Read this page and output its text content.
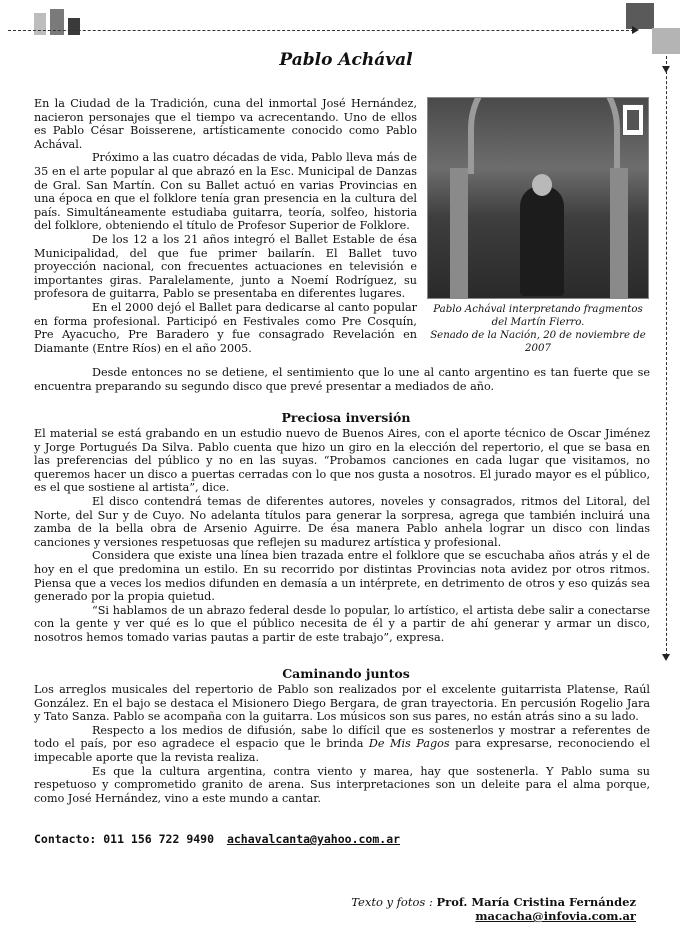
Pablo Achával

En la Ciudad de la Tradición, cuna del inmortal José Hernández, nacieron personajes que el tiempo va acrecentando. Uno de ellos es Pablo César Boisserene, artísticamente conocido como Pablo Achával.

Próximo a las cuatro décadas de vida, Pablo lleva más de 35 en el arte popular al que abrazó en la Esc. Municipal de Danzas de Gral. San Martín. Con su Ballet actuó en varias Provincias en una época en que el folklore tenía gran presencia en la cultura del país. Simultáneamente estudiaba guitarra, teoría, solfeo, historia del folklore, obteniendo el título de Profesor Superior de Folklore.

De los 12 a los 21 años integró el Ballet Estable de ésa Municipalidad, del que fue primer bailarín. El Ballet tuvo proyección nacional, con frecuentes actuaciones en televisión e importantes giras. Paralelamente, junto a Noemí Rodríguez, su profesora de guitarra, Pablo se presentaba en diferentes lugares.

En el 2000 dejó el Ballet para dedicarse al canto popular en forma profesional. Participó en Festivales como Pre Cosquín, Pre Ayacucho, Pre Baradero y fue consagrado Revelación en Diamante (Entre Ríos) en el año 2005.

Pablo Achával interpretando fragmentos del Martín Fierro.
Senado de la Nación, 20 de noviembre de 2007

Desde entonces no se detiene, el sentimiento que lo une al canto argentino es tan fuerte que se encuentra preparando su segundo disco que prevé presentar a mediados de año.

Preciosa inversión

El material se está grabando en un estudio nuevo de Buenos Aires, con el aporte técnico de Oscar Jiménez y Jorge Portugués Da Silva. Pablo cuenta que hizo un giro en la elección del repertorio, el que se basa en las preferencias del público y no en las suyas. “Probamos canciones en cada lugar que visitamos, no queremos hacer un disco a puertas cerradas con lo que nos gusta a nosotros. El jurado mayor es el público, es el que sostiene al artista”, dice.

El disco contendrá temas de diferentes autores, noveles y consagrados, ritmos del Litoral, del Norte, del Sur y de Cuyo. No adelanta títulos para generar la sorpresa, agrega que también incluirá una zamba de la bella obra de Arsenio Aguirre. De ésa manera Pablo anhela lograr un disco con lindas canciones y versiones respetuosas que reflejen su madurez artística y profesional.

Considera que existe una línea bien trazada entre el folklore que se escuchaba años atrás y el de hoy en el que predomina un estilo. En su recorrido por distintas Provincias nota avidez por otros ritmos. Piensa que a veces los medios difunden en demasía a un intérprete, en detrimento de otros y eso quizás sea generado por la propia quietud.

“Si hablamos de un abrazo federal desde lo popular, lo artístico, el artista debe salir a conectarse con la gente y ver qué es lo que el público necesita de él y a partir de ahí generar y armar un disco, nosotros hemos tomado varias pautas a partir de este trabajo”, expresa.

Caminando juntos

Los arreglos musicales del repertorio de Pablo son realizados por el excelente guitarrista Platense, Raúl González. En el bajo se destaca el Misionero Diego Bergara, de gran trayectoria. En percusión Rogelio Jara y Tato Sanza. Pablo se acompaña con la guitarra. Los músicos son sus pares, no están atrás sino a su lado.

Respecto a los medios de difusión, sabe lo difícil que es sostenerlos y mostrar a referentes de todo el país, por eso agradece el espacio que le brinda De Mis Pagos para expresarse, reconociendo el impecable aporte que la revista realiza.

Es que la cultura argentina, contra viento y marea, hay que sostenerla. Y Pablo suma su respetuoso y comprometido granito de arena. Sus interpretaciones son un deleite para el alma porque, como José Hernández, vino a este mundo a cantar.

Contacto: 011 156 722 9490 achavalcanta@yahoo.com.ar
Texto y fotos : Prof. María Cristina Fernández
macacha@infovia.com.ar
